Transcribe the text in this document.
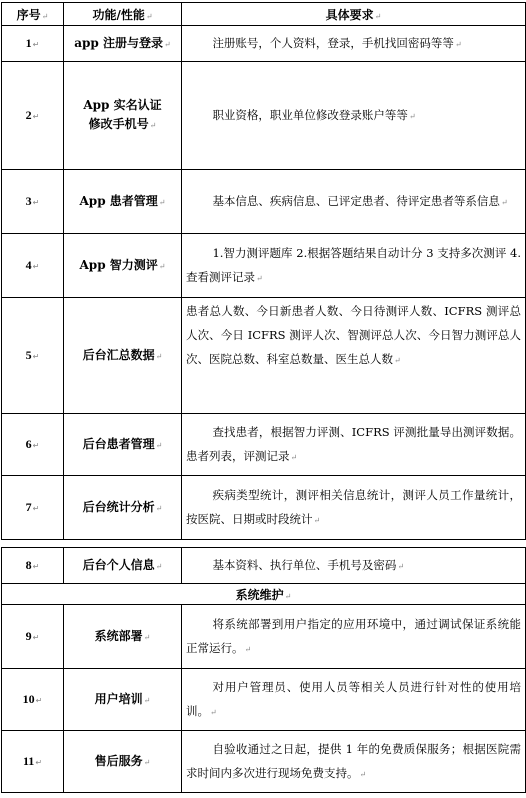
序号↵	功能/性能↵	具体要求↵
1↵	app 注册与登录↵	注册账号，个人资料，登录，手机找回密码等等↵
2↵	App 实名认证修改手机号↵	职业资格，职业单位修改登录账户等等↵
3↵	App 患者管理↵	基本信息、疾病信息、已评定患者、待评定患者等系信息↵
4↵	App 智力测评↵	1.智力测评题库 2.根据答题结果自动计分 3 支持多次测评 4.查看测评记录↵
5↵	后台汇总数据↵	患者总人数、今日新患者人数、今日待测评人数、ICFRS 测评总人次、今日 ICFRS 测评人次、智测评总人次、今日智力测评总人次、医院总数、科室总数量、医生总人数↵
6↵	后台患者管理↵	查找患者，根据智力评测、ICFRS 评测批量导出测评数据。患者列表，评测记录↵
7↵	后台统计分析↵	疾病类型统计，测评相关信息统计，测评人员工作量统计，按医院、日期或时段统计↵
8↵	后台个人信息↵	基本资料、执行单位、手机号及密码↵
系统维护↵		
9↵	系统部署↵	将系统部署到用户指定的应用环境中，通过调试保证系统能正常运行。↵
10↵	用户培训↵	对用户管理员、使用人员等相关人员进行针对性的使用培训。↵
11↵	售后服务↵	自验收通过之日起，提供 1 年的免费质保服务；根据医院需求时间内多次进行现场免费支持。↵
